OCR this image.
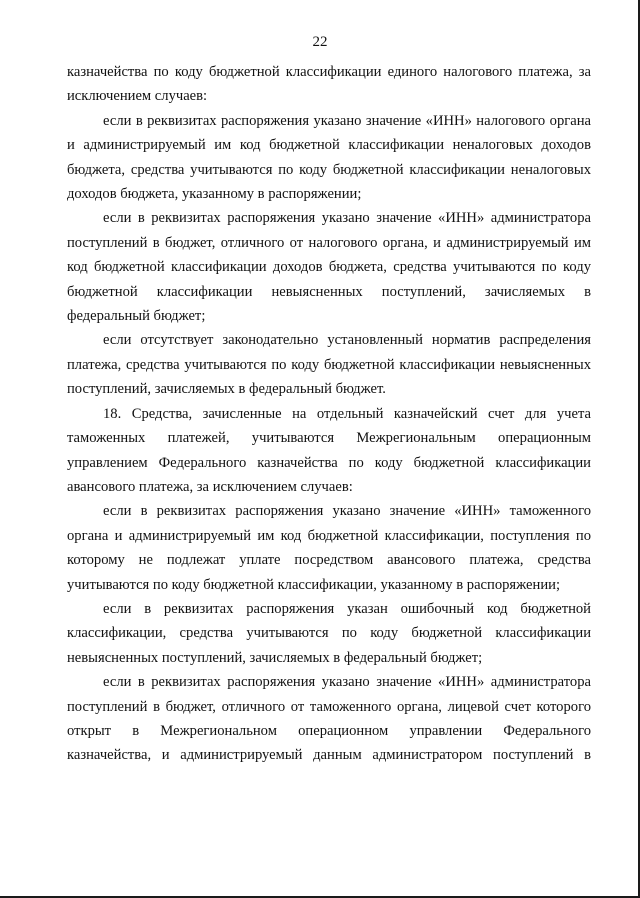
22

казначейства по коду бюджетной классификации единого налогового платежа, за исключением случаев:

если в реквизитах распоряжения указано значение «ИНН» налогового органа и администрируемый им код бюджетной классификации неналоговых доходов бюджета, средства учитываются по коду бюджетной классификации неналоговых доходов бюджета, указанному в распоряжении;

если в реквизитах распоряжения указано значение «ИНН» администратора поступлений в бюджет, отличного от налогового органа, и администрируемый им код бюджетной классификации доходов бюджета, средства учитываются по коду бюджетной классификации невыясненных поступлений, зачисляемых в федеральный бюджет;

если отсутствует законодательно установленный норматив распределения платежа, средства учитываются по коду бюджетной классификации невыясненных поступлений, зачисляемых в федеральный бюджет.

18. Средства, зачисленные на отдельный казначейский счет для учета таможенных платежей, учитываются Межрегиональным операционным управлением Федерального казначейства по коду бюджетной классификации авансового платежа, за исключением случаев:

если в реквизитах распоряжения указано значение «ИНН» таможенного органа и администрируемый им код бюджетной классификации, поступления по которому не подлежат уплате посредством авансового платежа, средства учитываются по коду бюджетной классификации, указанному в распоряжении;

если в реквизитах распоряжения указан ошибочный код бюджетной классификации, средства учитываются по коду бюджетной классификации невыясненных поступлений, зачисляемых в федеральный бюджет;

если в реквизитах распоряжения указано значение «ИНН» администратора поступлений в бюджет, отличного от таможенного органа, лицевой счет которого открыт в Межрегиональном операционном управлении Федерального казначейства, и администрируемый данным администратором поступлений в
